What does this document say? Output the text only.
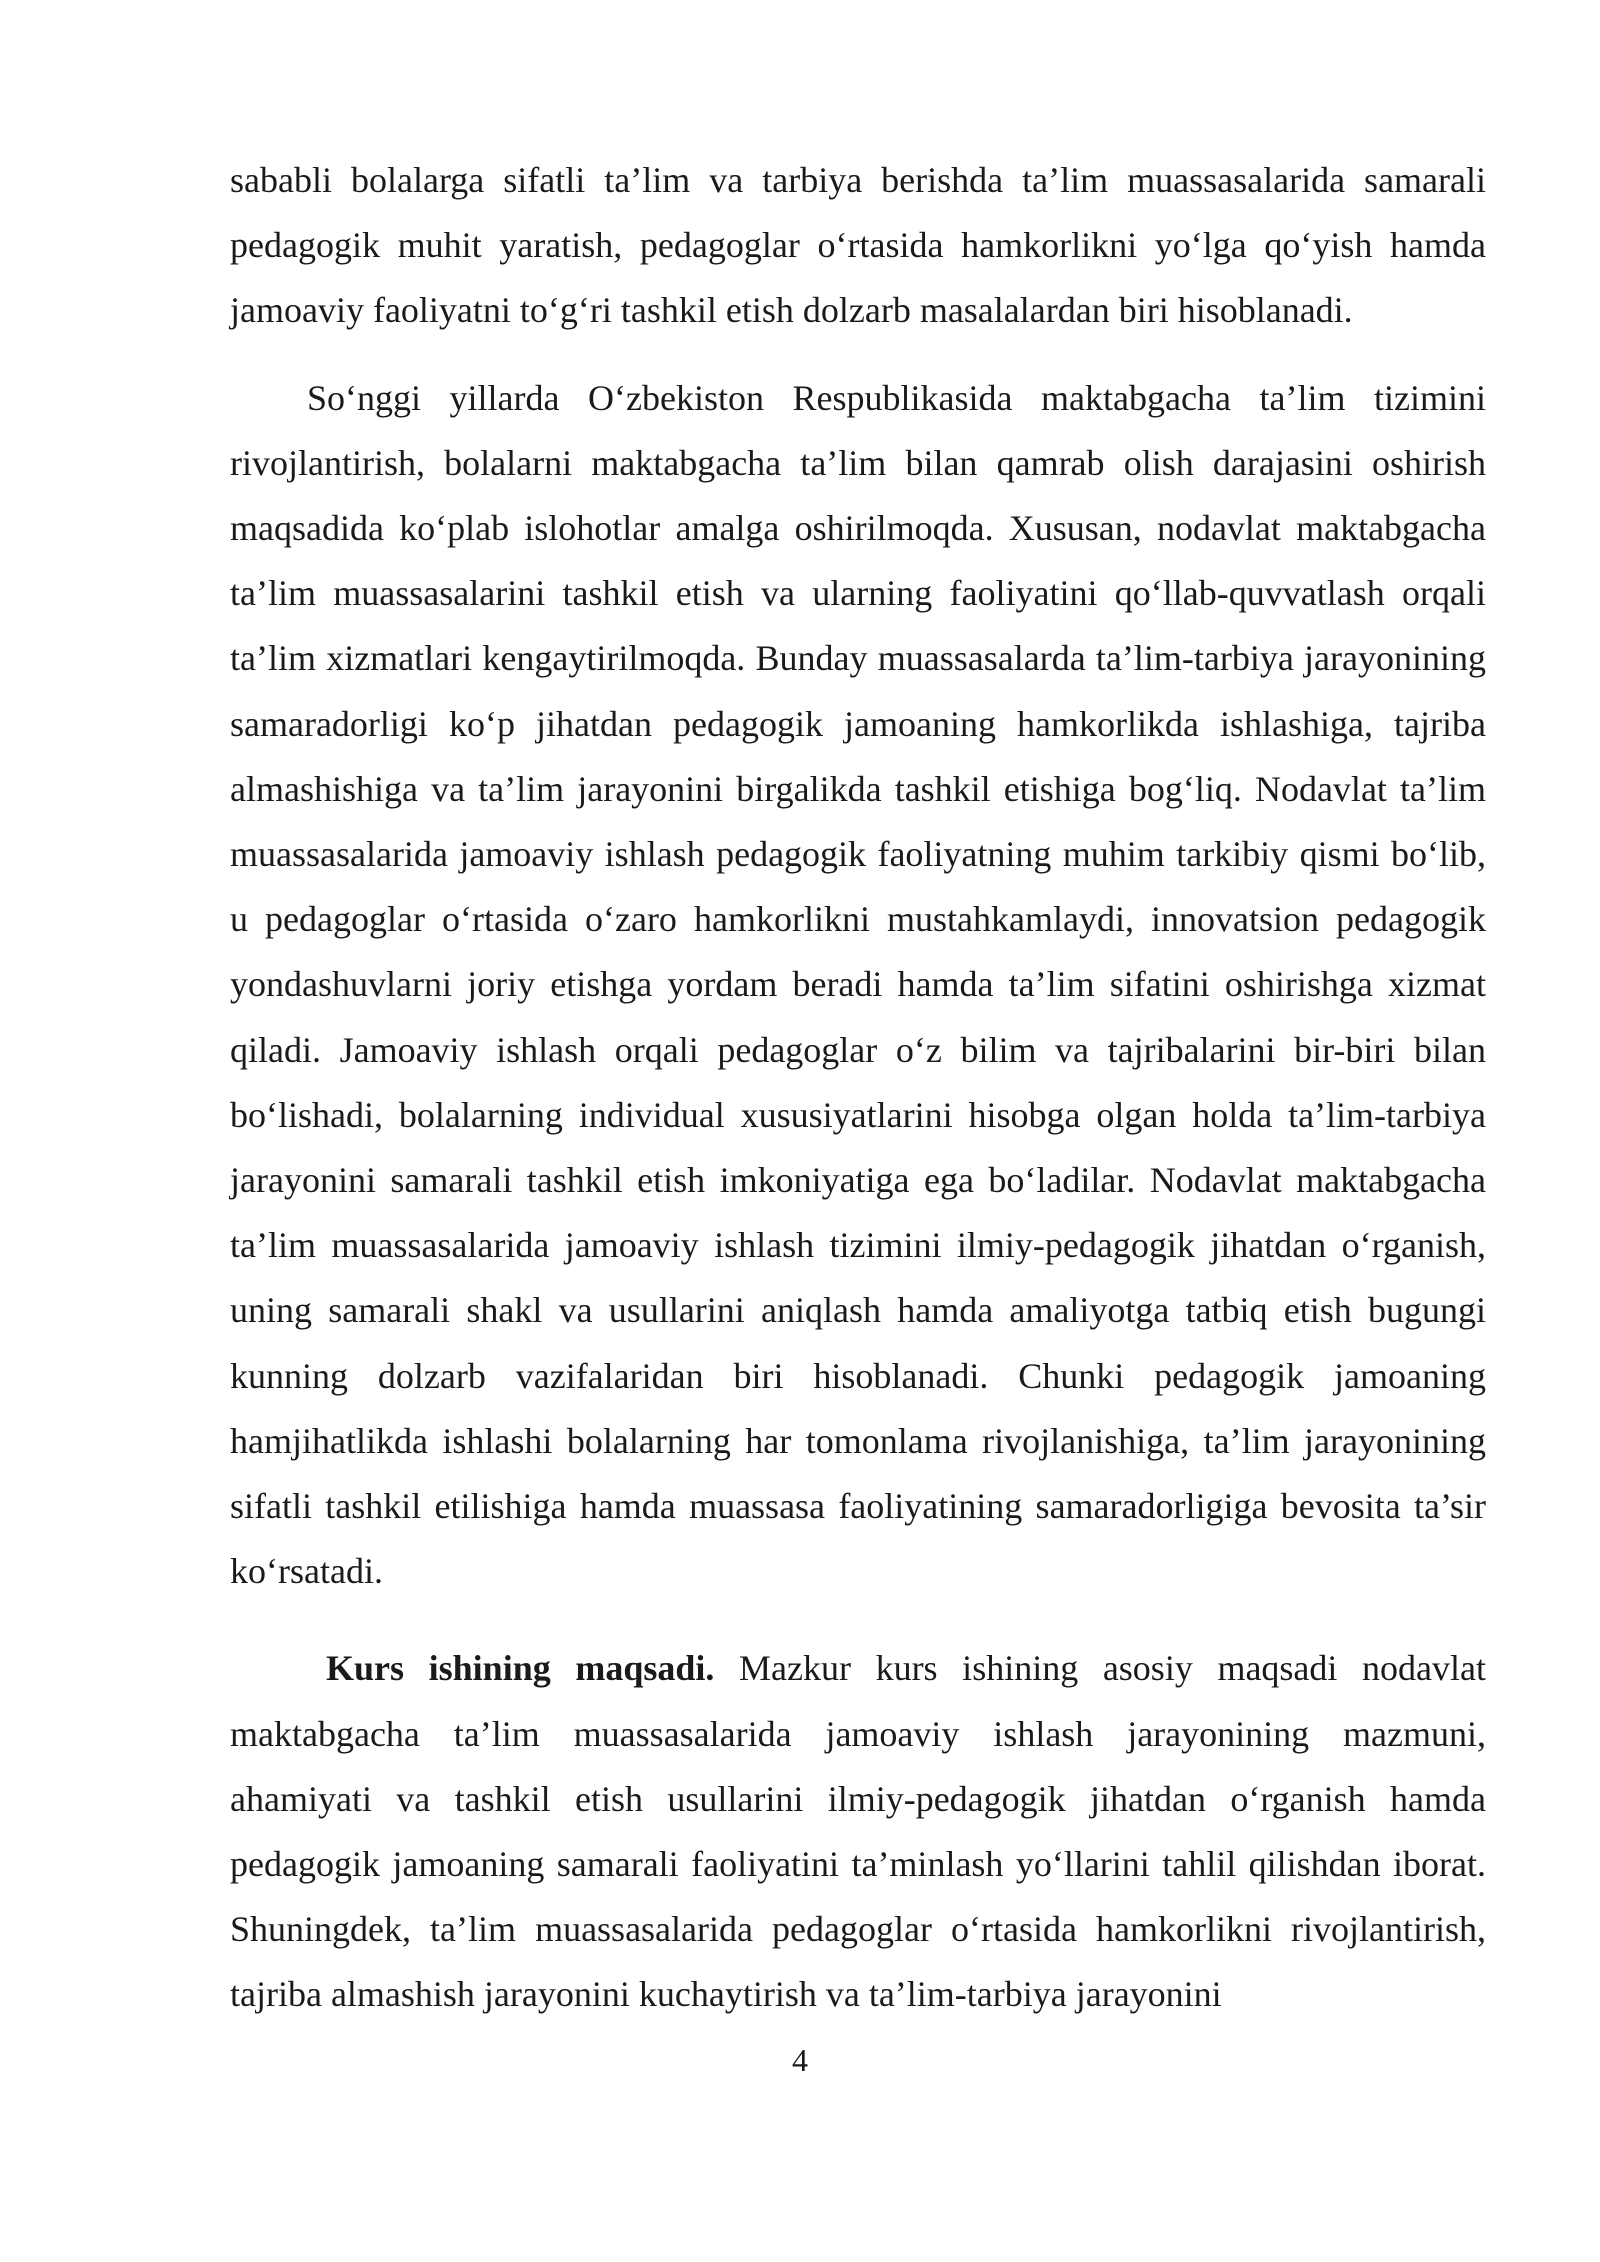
sababli bolalarga sifatli ta’lim va tarbiya berishda ta’lim muassasalarida samarali pedagogik muhit yaratish, pedagoglar o‘rtasida hamkorlikni yo‘lga qo‘yish hamda jamoaviy faoliyatni to‘g‘ri tashkil etish dolzarb masalalardan biri hisoblanadi.

So‘nggi yillarda O‘zbekiston Respublikasida maktabgacha ta’lim tizimini rivojlantirish, bolalarni maktabgacha ta’lim bilan qamrab olish darajasini oshirish maqsadida ko‘plab islohotlar amalga oshirilmoqda. Xususan, nodavlat maktabgacha ta’lim muassasalarini tashkil etish va ularning faoliyatini qo‘llab-quvvatlash orqali ta’lim xizmatlari kengaytirilmoqda. Bunday muassasalarda ta’lim-tarbiya jarayonining samaradorligi ko‘p jihatdan pedagogik jamoaning hamkorlikda ishlashiga, tajriba almashishiga va ta’lim jarayonini birgalikda tashkil etishiga bog‘liq. Nodavlat ta’lim muassasalarida jamoaviy ishlash pedagogik faoliyatning muhim tarkibiy qismi bo‘lib, u pedagoglar o‘rtasida o‘zaro hamkorlikni mustahkamlaydi, innovatsion pedagogik yondashuvlarni joriy etishga yordam beradi hamda ta’lim sifatini oshirishga xizmat qiladi. Jamoaviy ishlash orqali pedagoglar o‘z bilim va tajribalarini bir-biri bilan bo‘lishadi, bolalarning individual xususiyatlarini hisobga olgan holda ta’lim-tarbiya jarayonini samarali tashkil etish imkoniyatiga ega bo‘ladilar. Nodavlat maktabgacha ta’lim muassasalarida jamoaviy ishlash tizimini ilmiy-pedagogik jihatdan o‘rganish, uning samarali shakl va usullarini aniqlash hamda amaliyotga tatbiq etish bugungi kunning dolzarb vazifalaridan biri hisoblanadi. Chunki pedagogik jamoaning hamjihatlikda ishlashi bolalarning har tomonlama rivojlanishiga, ta’lim jarayonining sifatli tashkil etilishiga hamda muassasa faoliyatining samaradorligiga bevosita ta’sir ko‘rsatadi.

Kurs ishining maqsadi. Mazkur kurs ishining asosiy maqsadi nodavlat maktabgacha ta’lim muassasalarida jamoaviy ishlash jarayonining mazmuni, ahamiyati va tashkil etish usullarini ilmiy-pedagogik jihatdan o‘rganish hamda pedagogik jamoaning samarali faoliyatini ta’minlash yo‘llarini tahlil qilishdan iborat. Shuningdek, ta’lim muassasalarida pedagoglar o‘rtasida hamkorlikni rivojlantirish, tajriba almashish jarayonini kuchaytirish va ta’lim-tarbiya jarayonini

4
